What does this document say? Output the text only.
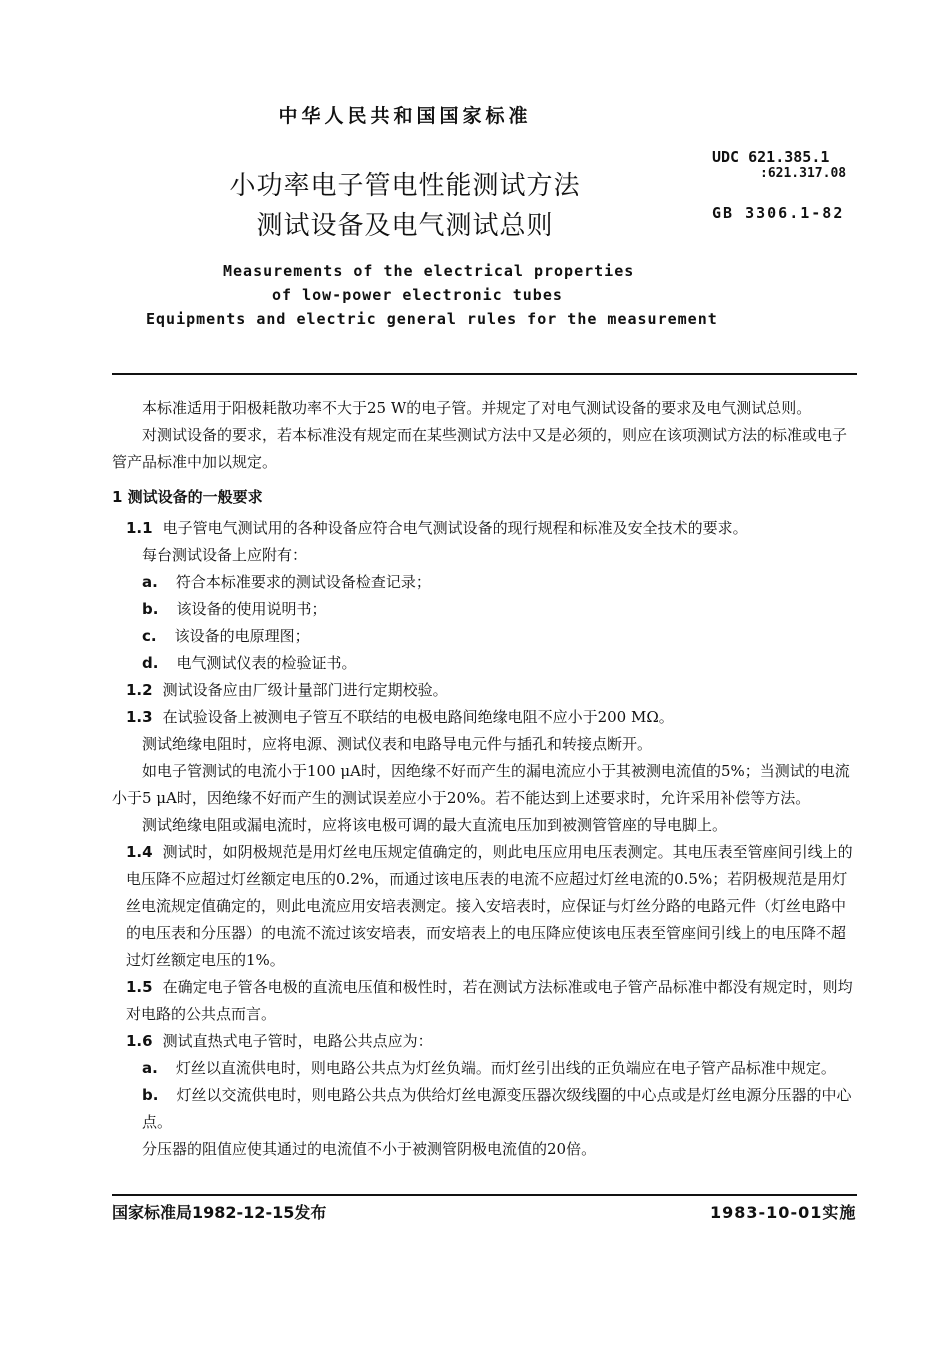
中华人民共和国国家标准
小功率电子管电性能测试方法
测试设备及电气测试总则
UDC 621.385.1
:621.317.08
GB 3306.1-82
Measurements of the electrical properties
of low-power electronic tubes
Equipments and electric general rules for the measurement

本标准适用于阳极耗散功率不大于25 W的电子管。并规定了对电气测试设备的要求及电气测试总则。

对测试设备的要求，若本标准没有规定而在某些测试方法中又是必须的，则应在该项测试方法的标准或电子管产品标准中加以规定。

1 测试设备的一般要求

1.1 电子管电气测试用的各种设备应符合电气测试设备的现行规程和标准及安全技术的要求。

每台测试设备上应附有：

a. 符合本标准要求的测试设备检查记录；

b. 该设备的使用说明书；

c. 该设备的电原理图；

d. 电气测试仪表的检验证书。

1.2 测试设备应由厂级计量部门进行定期校验。

1.3 在试验设备上被测电子管互不联结的电极电路间绝缘电阻不应小于200 MΩ。

测试绝缘电阻时，应将电源、测试仪表和电路导电元件与插孔和转接点断开。

如电子管测试的电流小于100 μA时，因绝缘不好而产生的漏电流应小于其被测电流值的5%；当测试的电流小于5 μA时，因绝缘不好而产生的测试误差应小于20%。若不能达到上述要求时，允许采用补偿等方法。

测试绝缘电阻或漏电流时，应将该电极可调的最大直流电压加到被测管管座的导电脚上。

1.4 测试时，如阴极规范是用灯丝电压规定值确定的，则此电压应用电压表测定。其电压表至管座间引线上的电压降不应超过灯丝额定电压的0.2%，而通过该电压表的电流不应超过灯丝电流的0.5%；若阴极规范是用灯丝电流规定值确定的，则此电流应用安培表测定。接入安培表时，应保证与灯丝分路的电路元件（灯丝电路中的电压表和分压器）的电流不流过该安培表，而安培表上的电压降应使该电压表至管座间引线上的电压降不超过灯丝额定电压的1%。

1.5 在确定电子管各电极的直流电压值和极性时，若在测试方法标准或电子管产品标准中都没有规定时，则均对电路的公共点而言。

1.6 测试直热式电子管时，电路公共点应为：

a. 灯丝以直流供电时，则电路公共点为灯丝负端。而灯丝引出线的正负端应在电子管产品标准中规定。

b. 灯丝以交流供电时，则电路公共点为供给灯丝电源变压器次级线圈的中心点或是灯丝电源分压器的中心点。

分压器的阻值应使其通过的电流值不小于被测管阴极电流值的20倍。

国家标准局1982-12-15发布	1983-10-01实施
